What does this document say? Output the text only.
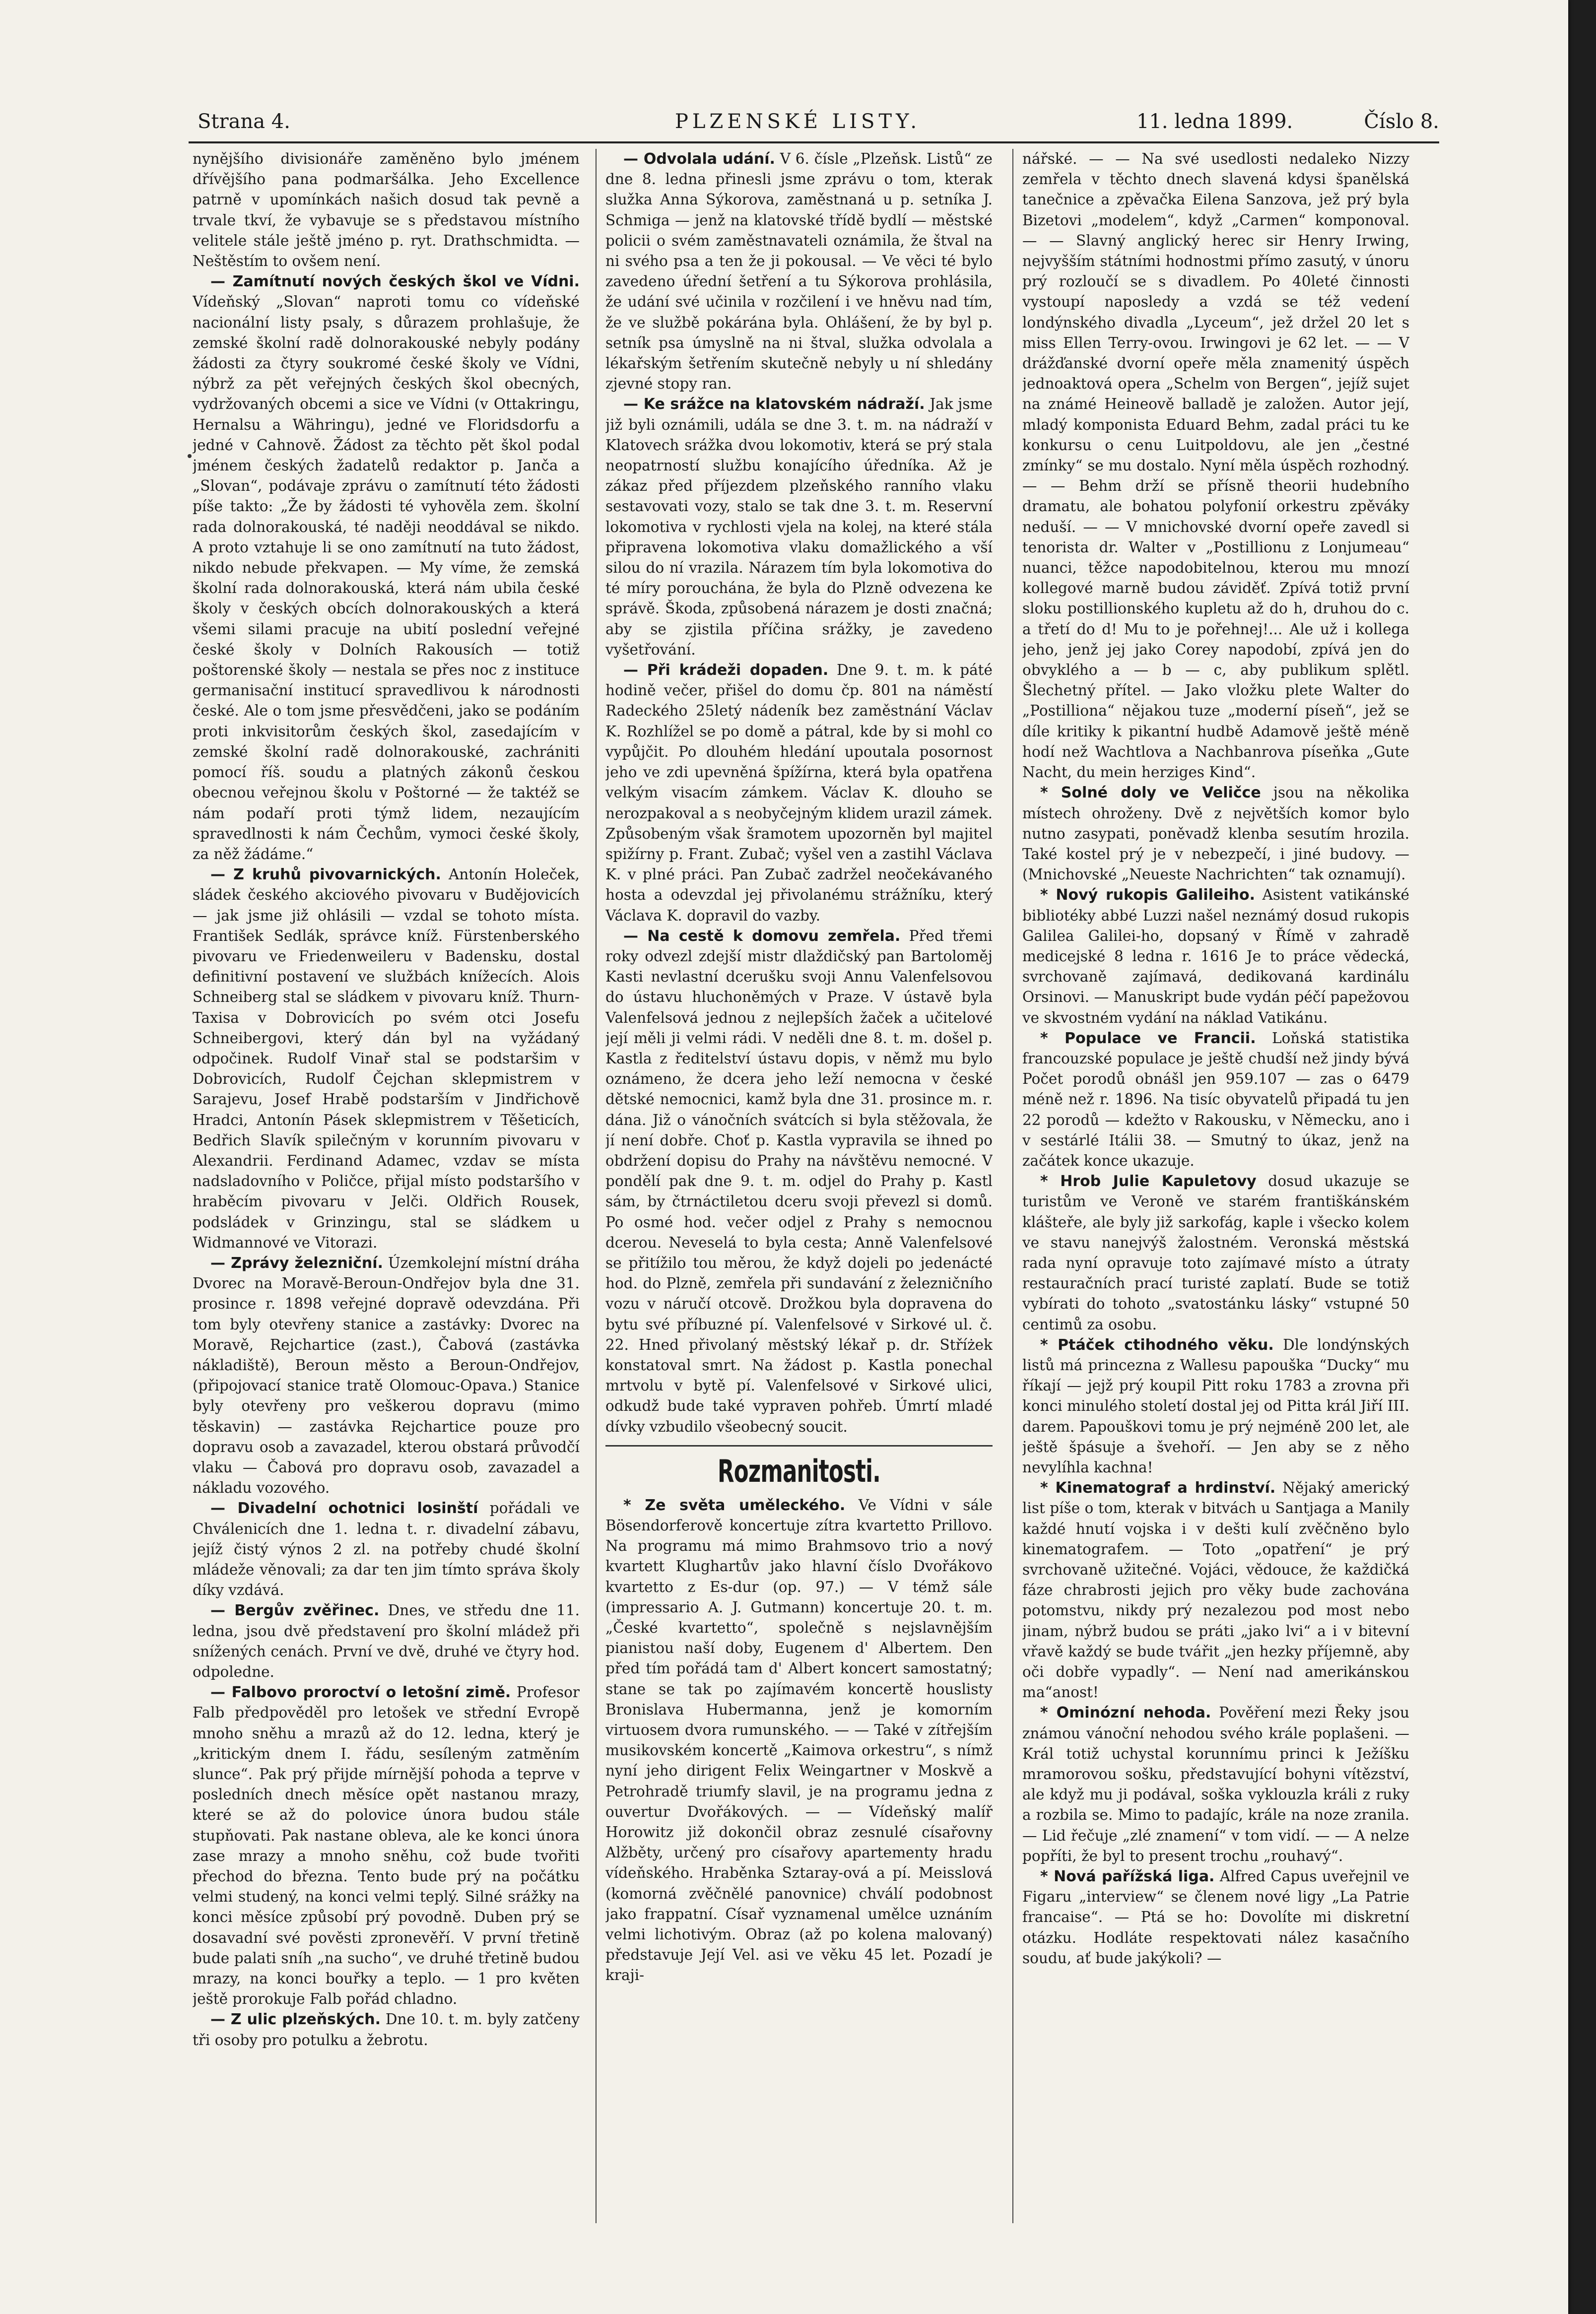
Strana 4.	PLZENSKÉ LISTY.	11. ledna 1899.	Číslo 8.

nynějšího divisionáře zaměněno bylo jménem dřívějšího pana podmaršálka. Jeho Excellence patrně v upomínkách našich dosud tak pevně a trvale tkví, že vybavuje se s představou místního velitele stále ještě jméno p. ryt. Drathschmidta. — Neštěstím to ovšem není.

— Zamítnutí nových českých škol ve Vídni. Vídeňský „Slovan“ naproti tomu co vídeňské nacionální listy psaly, s důrazem prohlašuje, že zemské školní radě dolnorakouské nebyly podány žádosti za čtyry soukromé české školy ve Vídni, nýbrž za pět veřejných českých škol obecných, vydržovaných obcemi a sice ve Vídni (v Ottakringu, Hernalsu a Währingu), jedné ve Floridsdorfu a jedné v Cahnově. Žádost za těchto pět škol podal jménem českých žadatelů redaktor p. Janča a „Slovan“, podávaje zprávu o zamítnutí této žádosti píše takto: „Že by žádosti té vyhověla zem. školní rada dolnorakouská, té naději neoddával se nikdo. A proto vztahuje li se ono zamítnutí na tuto žádost, nikdo nebude překvapen. — My víme, že zemská školní rada dolnorakouská, která nám ubila české školy v českých obcích dolnorakouských a která všemi silami pracuje na ubití poslední veřejné české školy v Dolních Rakousích — totiž poštorenské školy — nestala se přes noc z instituce germanisační institucí spravedlivou k národnosti české. Ale o tom jsme přesvědčeni, jako se podáním proti inkvisitorům českých škol, zasedajícím v zemské školní radě dolnorakouské, zachrániti pomocí říš. soudu a platných zákonů českou obecnou veřejnou školu v Poštorné — že taktéž se nám podaří proti týmž lidem, nezaujícím spravedlnosti k nám Čechům, vymoci české školy, za něž žádáme.“

— Z kruhů pivovarnických. Antonín Holeček, sládek českého akciového pivovaru v Budějovicích — jak jsme již ohlásili — vzdal se tohoto místa. František Sedlák, správce kníž. Fürstenberského pivovaru ve Friedenweileru v Badensku, dostal definitivní postavení ve službách knížecích. Alois Schneiberg stal se sládkem v pivovaru kníž. Thurn-Taxisa v Dobrovicích po svém otci Josefu Schneibergovi, který dán byl na vyžádaný odpočinek. Rudolf Vinař stal se podstaršim v Dobrovicích, Rudolf Čejchan sklepmistrem v Sarajevu, Josef Hrabě podstarším v Jindřichově Hradci, Antonín Pásek sklepmistrem v Těšeticích, Bedřich Slavík spilečným v korunním pivovaru v Alexandrii. Ferdinand Adamec, vzdav se místa nadsladovního v Poličce, přijal místo podstaršího v hraběcím pivovaru v Jelči. Oldřich Rousek, podsládek v Grinzingu, stal se sládkem u Widmannové ve Vitorazi.

— Zprávy železniční. Územkolejní místní dráha Dvorec na Moravě-Beroun-Ondřejov byla dne 31. prosince r. 1898 veřejné dopravě odevzdána. Při tom byly otevřeny stanice a zastávky: Dvorec na Moravě, Rejchartice (zast.), Čabová (zastávka nákladiště), Beroun město a Beroun-Ondřejov, (připojovací stanice tratě Olomouc-Opava.) Stanice byly otevřeny pro veškerou dopravu (mimo těskavin) — zastávka Rejchartice pouze pro dopravu osob a zavazadel, kterou obstará průvodčí vlaku — Čabová pro dopravu osob, zavazadel a nákladu vozového.

— Divadelní ochotnici losinští pořádali ve Chválenicích dne 1. ledna t. r. divadelní zábavu, jejíž čistý výnos 2 zl. na potřeby chudé školní mládeže věnovali; za dar ten jim tímto správa školy díky vzdává.

— Bergův zvěřinec. Dnes, ve středu dne 11. ledna, jsou dvě představení pro školní mládež při snížených cenách. První ve dvě, druhé ve čtyry hod. odpoledne.

— Falbovo proroctví o letošní zimě. Profesor Falb předpověděl pro letošek ve střední Evropě mnoho sněhu a mrazů až do 12. ledna, který je „kritickým dnem I. řádu, sesíleným zatměním slunce“. Pak prý přijde mírnější pohoda a teprve v posledních dnech měsíce opět nastanou mrazy, které se až do polovice února budou stále stupňovati. Pak nastane obleva, ale ke konci února zase mrazy a mnoho sněhu, což bude tvořiti přechod do března. Tento bude prý na počátku velmi studený, na konci velmi teplý. Silné srážky na konci měsíce způsobí prý povodně. Duben prý se dosavadní své pověsti zpronevěří. V první třetině bude palati sníh „na sucho“, ve druhé třetině budou mrazy, na konci bouřky a teplo. — 1 pro květen ještě prorokuje Falb pořád chladno.

— Z ulic plzeňských. Dne 10. t. m. byly zatčeny tři osoby pro potulku a žebrotu.

— Odvolala udání. V 6. čísle „Plzeňsk. Listů“ ze dne 8. ledna přinesli jsme zprávu o tom, kterak služka Anna Sýkorova, zaměstnaná u p. setníka J. Schmiga — jenž na klatovské třídě bydlí — městské policii o svém zaměstnavateli oznámila, že štval na ni svého psa a ten že ji pokousal. — Ve věci té bylo zavedeno úřední šetření a tu Sýkorova prohlásila, že udání své učinila v rozčilení i ve hněvu nad tím, že ve službě pokárána byla. Ohlášení, že by byl p. setník psa úmyslně na ni štval, služka odvolala a lékařským šetřením skutečně nebyly u ní shledány zjevné stopy ran.

— Ke srážce na klatovském nádraží. Jak jsme již byli oznámili, udála se dne 3. t. m. na nádraží v Klatovech srážka dvou lokomotiv, která se prý stala neopatrností službu konajícího úředníka. Až je zákaz před příjezdem plzeňského ranního vlaku sestavovati vozy, stalo se tak dne 3. t. m. Reservní lokomotiva v rychlosti vjela na kolej, na které stála připravena lokomotiva vlaku domažlického a vší silou do ní vrazila. Nárazem tím byla lokomotiva do té míry porouchána, že byla do Plzně odvezena ke správě. Škoda, způsobená nárazem je dosti značná; aby se zjistila příčina srážky, je zavedeno vyšetřování.

— Při krádeži dopaden. Dne 9. t. m. k páté hodině večer, přišel do domu čp. 801 na náměstí Radeckého 25letý nádeník bez zaměstnání Václav K. Rozhlížel se po domě a pátral, kde by si mohl co vypůjčit. Po dlouhém hledání upoutala posornost jeho ve zdi upevněná špížírna, která byla opatřena velkým visacím zámkem. Václav K. dlouho se nerozpakoval a s neobyčejným klidem urazil zámek. Způsobeným však šramotem upozorněn byl majitel spižírny p. Frant. Zubač; vyšel ven a zastihl Václava K. v plné práci. Pan Zubač zadržel neočekávaného hosta a odevzdal jej přivolanému strážníku, který Václava K. dopravil do vazby.

— Na cestě k domovu zemřela. Před třemi roky odvezl zdejší mistr dlaždičský pan Bartoloměj Kasti nevlastní dcerušku svoji Annu Valenfelsovou do ústavu hluchoněmých v Praze. V ústavě byla Valenfelsová jednou z nejlepších žaček a učitelové její měli ji velmi rádi. V neděli dne 8. t. m. došel p. Kastla z ředitelství ústavu dopis, v němž mu bylo oznámeno, že dcera jeho leží nemocna v české dětské nemocnici, kamž byla dne 31. prosince m. r. dána. Již o vánočních svátcích si byla stěžovala, že jí není dobře. Choť p. Kastla vypravila se ihned po obdržení dopisu do Prahy na návštěvu nemocné. V pondělí pak dne 9. t. m. odjel do Prahy p. Kastl sám, by čtrnáctiletou dceru svoji převezl si domů. Po osmé hod. večer odjel z Prahy s nemocnou dcerou. Neveselá to byla cesta; Anně Valenfelsové se přitížilo tou měrou, že když dojeli po jedenácté hod. do Plzně, zemřela při sundavání z železničního vozu v náručí otcově. Drožkou byla dopravena do bytu své příbuzné pí. Valenfelsové v Sirkové ul. č. 22. Hned přivolaný městský lékař p. dr. Stříżek konstatoval smrt. Na žádost p. Kastla ponechal mrtvolu v bytě pí. Valenfelsové v Sirkové ulici, odkudž bude také vypraven pohřeb. Úmrtí mladé dívky vzbudilo všeobecný soucit.

Rozmanitosti.

* Ze světa uměleckého. Ve Vídni v sále Bösendorferově koncertuje zítra kvartetto Prillovo. Na programu má mimo Brahmsovo trio a nový kvartett Klughartův jako hlavní číslo Dvořákovo kvartetto z Es-dur (op. 97.) — V témž sále (impressario A. J. Gutmann) koncertuje 20. t. m. „České kvartetto“, společně s nejslavnějším pianistou naší doby, Eugenem d' Albertem. Den před tím pořádá tam d' Albert koncert samostatný; stane se tak po zajímavém koncertě houslisty Bronislava Hubermanna, jenž je komorním virtuosem dvora rumunského. — — Také v zítřejším musikovském koncertě „Kaimova orkestru“, s nímž nyní jeho dirigent Felix Weingartner v Moskvě a Petrohradě triumfy slavil, je na programu jedna z ouvertur Dvořákových. — — Vídeňský malíř Horowitz již dokončil obraz zesnulé císařovny Alžběty, určený pro císařovy apartementy hradu vídeňského. Hraběnka Sztaray-ová a pí. Meisslová (komorná zvěčnělé panovnice) chválí podobnost jako frappatní. Císař vyznamenal umělce uznáním velmi lichotivým. Obraz (až po kolena malovaný) představuje Její Vel. asi ve věku 45 let. Pozadí je kraji-

nářské. — — Na své usedlosti nedaleko Nizzy zemřela v těchto dnech slavená kdysi španělská tanečnice a zpěvačka Eilena Sanzova, jež prý byla Bizetovi „modelem“, když „Carmen“ komponoval. — — Slavný anglický herec sir Henry Irwing, nejvyšším státními hodnostmi přímo zasutý, v únoru prý rozloučí se s divadlem. Po 40leté činnosti vystoupí naposledy a vzdá se též vedení londýnského divadla „Lyceum“, jež držel 20 let s miss Ellen Terry-ovou. Irwingovi je 62 let. — — V drážďanské dvorní opeře měla znamenitý úspěch jednoaktová opera „Schelm von Bergen“, jejíž sujet na známé Heineově balladě je založen. Autor její, mladý komponista Eduard Behm, zadal práci tu ke konkursu o cenu Luitpoldovu, ale jen „čestné zmínky“ se mu dostalo. Nyní měla úspěch rozhodný. — — Behm drží se přísně theorii hudebního dramatu, ale bohatou polyfonií orkestru zpěváky neduší. — — V mnichovské dvorní opeře zavedl si tenorista dr. Walter v „Postillionu z Lonjumeau“ nuanci, těžce napodobitelnou, kterou mu mnozí kollegové marně budou záviděť. Zpívá totiž první sloku postillionského kupletu až do h, druhou do c. a třetí do d! Mu to je pořehnej!... Ale už i kollega jeho, jenž jej jako Corey napodobí, zpívá jen do obvyklého a — b — c, aby publikum splětl. Šlechetný přítel. — Jako vložku plete Walter do „Postilliona“ nějakou tuze „moderní píseň“, jež se díle kritiky k pikantní hudbě Adamově ještě méně hodí než Wachtlova a Nachbanrova píseňka „Gute Nacht, du mein herziges Kind“.

* Solné doly ve Veličce jsou na několika místech ohroženy. Dvě z největších komor bylo nutno zasypati, poněvadž klenba sesutím hrozila. Také kostel prý je v nebezpečí, i jiné budovy. — (Mnichovské „Neueste Nachrichten“ tak oznamují).

* Nový rukopis Galileiho. Asistent vatikánské bibliotéky abbé Luzzi našel neznámý dosud rukopis Galilea Galilei-ho, dopsaný v Římě v zahradě medicejské 8 ledna r. 1616 Je to práce vědecká, svrchovaně zajímavá, dedikovaná kardinálu Orsinovi. — Manuskript bude vydán péčí papežovou ve skvostném vydání na náklad Vatikánu.

* Populace ve Francii. Loňská statistika francouzské populace je ještě chudší než jindy bývá Počet porodů obnášl jen 959.107 — zas o 6479 méně než r. 1896. Na tisíc obyvatelů připadá tu jen 22 porodů — kdežto v Rakousku, v Německu, ano i v sestárlé Itálii 38. — Smutný to úkaz, jenž na začátek konce ukazuje.

* Hrob Julie Kapuletovy dosud ukazuje se turistům ve Veroně ve starém františkánském klášteře, ale byly již sarkofág, kaple i všecko kolem ve stavu nanejvýš žalostném. Veronská městská rada nyní opravuje toto zajímavé místo a útraty restauračních prací turisté zaplatí. Bude se totiž vybírati do tohoto „svatostánku lásky“ vstupné 50 centimů za osobu.

* Ptáček ctihodného věku. Dle londýnských listů má princezna z Wallesu papouška “Ducky“ mu říkají — jejž prý koupil Pitt roku 1783 a zrovna při konci minulého století dostal jej od Pitta král Jiří III. darem. Papouškovi tomu je prý nejméně 200 let, ale ještě špásuje a švehoří. — Jen aby se z něho nevylíhla kachna!

* Kinematograf a hrdinství. Nějaký americký list píše o tom, kterak v bitvách u Santjaga a Manily každé hnutí vojska i v dešti kulí zvěčněno bylo kinematografem. — Toto „opatření“ je prý svrchovaně užitečné. Vojáci, vědouce, že každičká fáze chrabrosti jejich pro věky bude zachována potomstvu, nikdy prý nezalezou pod most nebo jinam, nýbrž budou se práti „jako lvi“ a i v bitevní vřavě každý se bude tvářit „jen hezky příjemně, aby oči dobře vypadly“. — Není nad amerikánskou ma“anost!

* Ominózní nehoda. Pověření mezi Řeky jsou známou vánoční nehodou svého krále poplašeni. — Král totiž uchystal korunnímu princi k Ježíšku mramorovou sošku, představující bohyni vítězství, ale když mu ji podával, soška vyklouzla králi z ruky a rozbila se. Mimo to padajíc, krále na noze zranila. — Lid řečuje „zlé znamení“ v tom vidí. — — A nelze popříti, že byl to present trochu „rouhavý“.

* Nová pařížská liga. Alfred Capus uveřejnil ve Figaru „interview“ se členem nové ligy „La Patrie francaise“. — Ptá se ho: Dovolíte mi diskretní otázku. Hodláte respektovati nález kasačního soudu, ať bude jakýkoli? —
